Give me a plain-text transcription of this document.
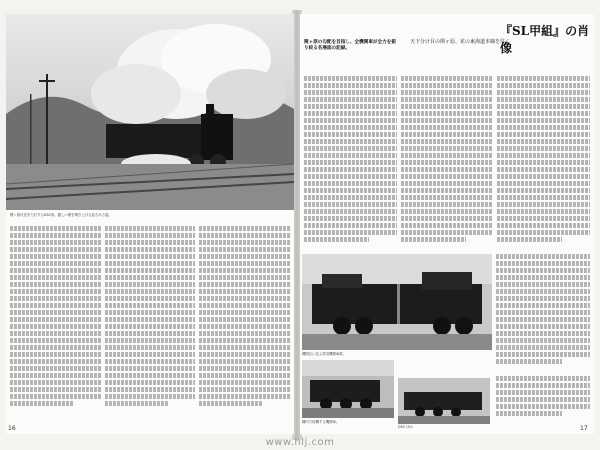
関ヶ原付近を力行するD52形。激しい煙を噴き上げる迫力ある姿。
16
『SL甲組』の肖像
天下分け目の関ヶ原、花の東海道本線を往く
関ヶ原の勾配を目指し、全機関車が全力を振り絞る名場面の記録。
機関区に並ぶ蒸気機関車群。
構内で待機する機関車。
D52 ほか	17
www.hlj.com
